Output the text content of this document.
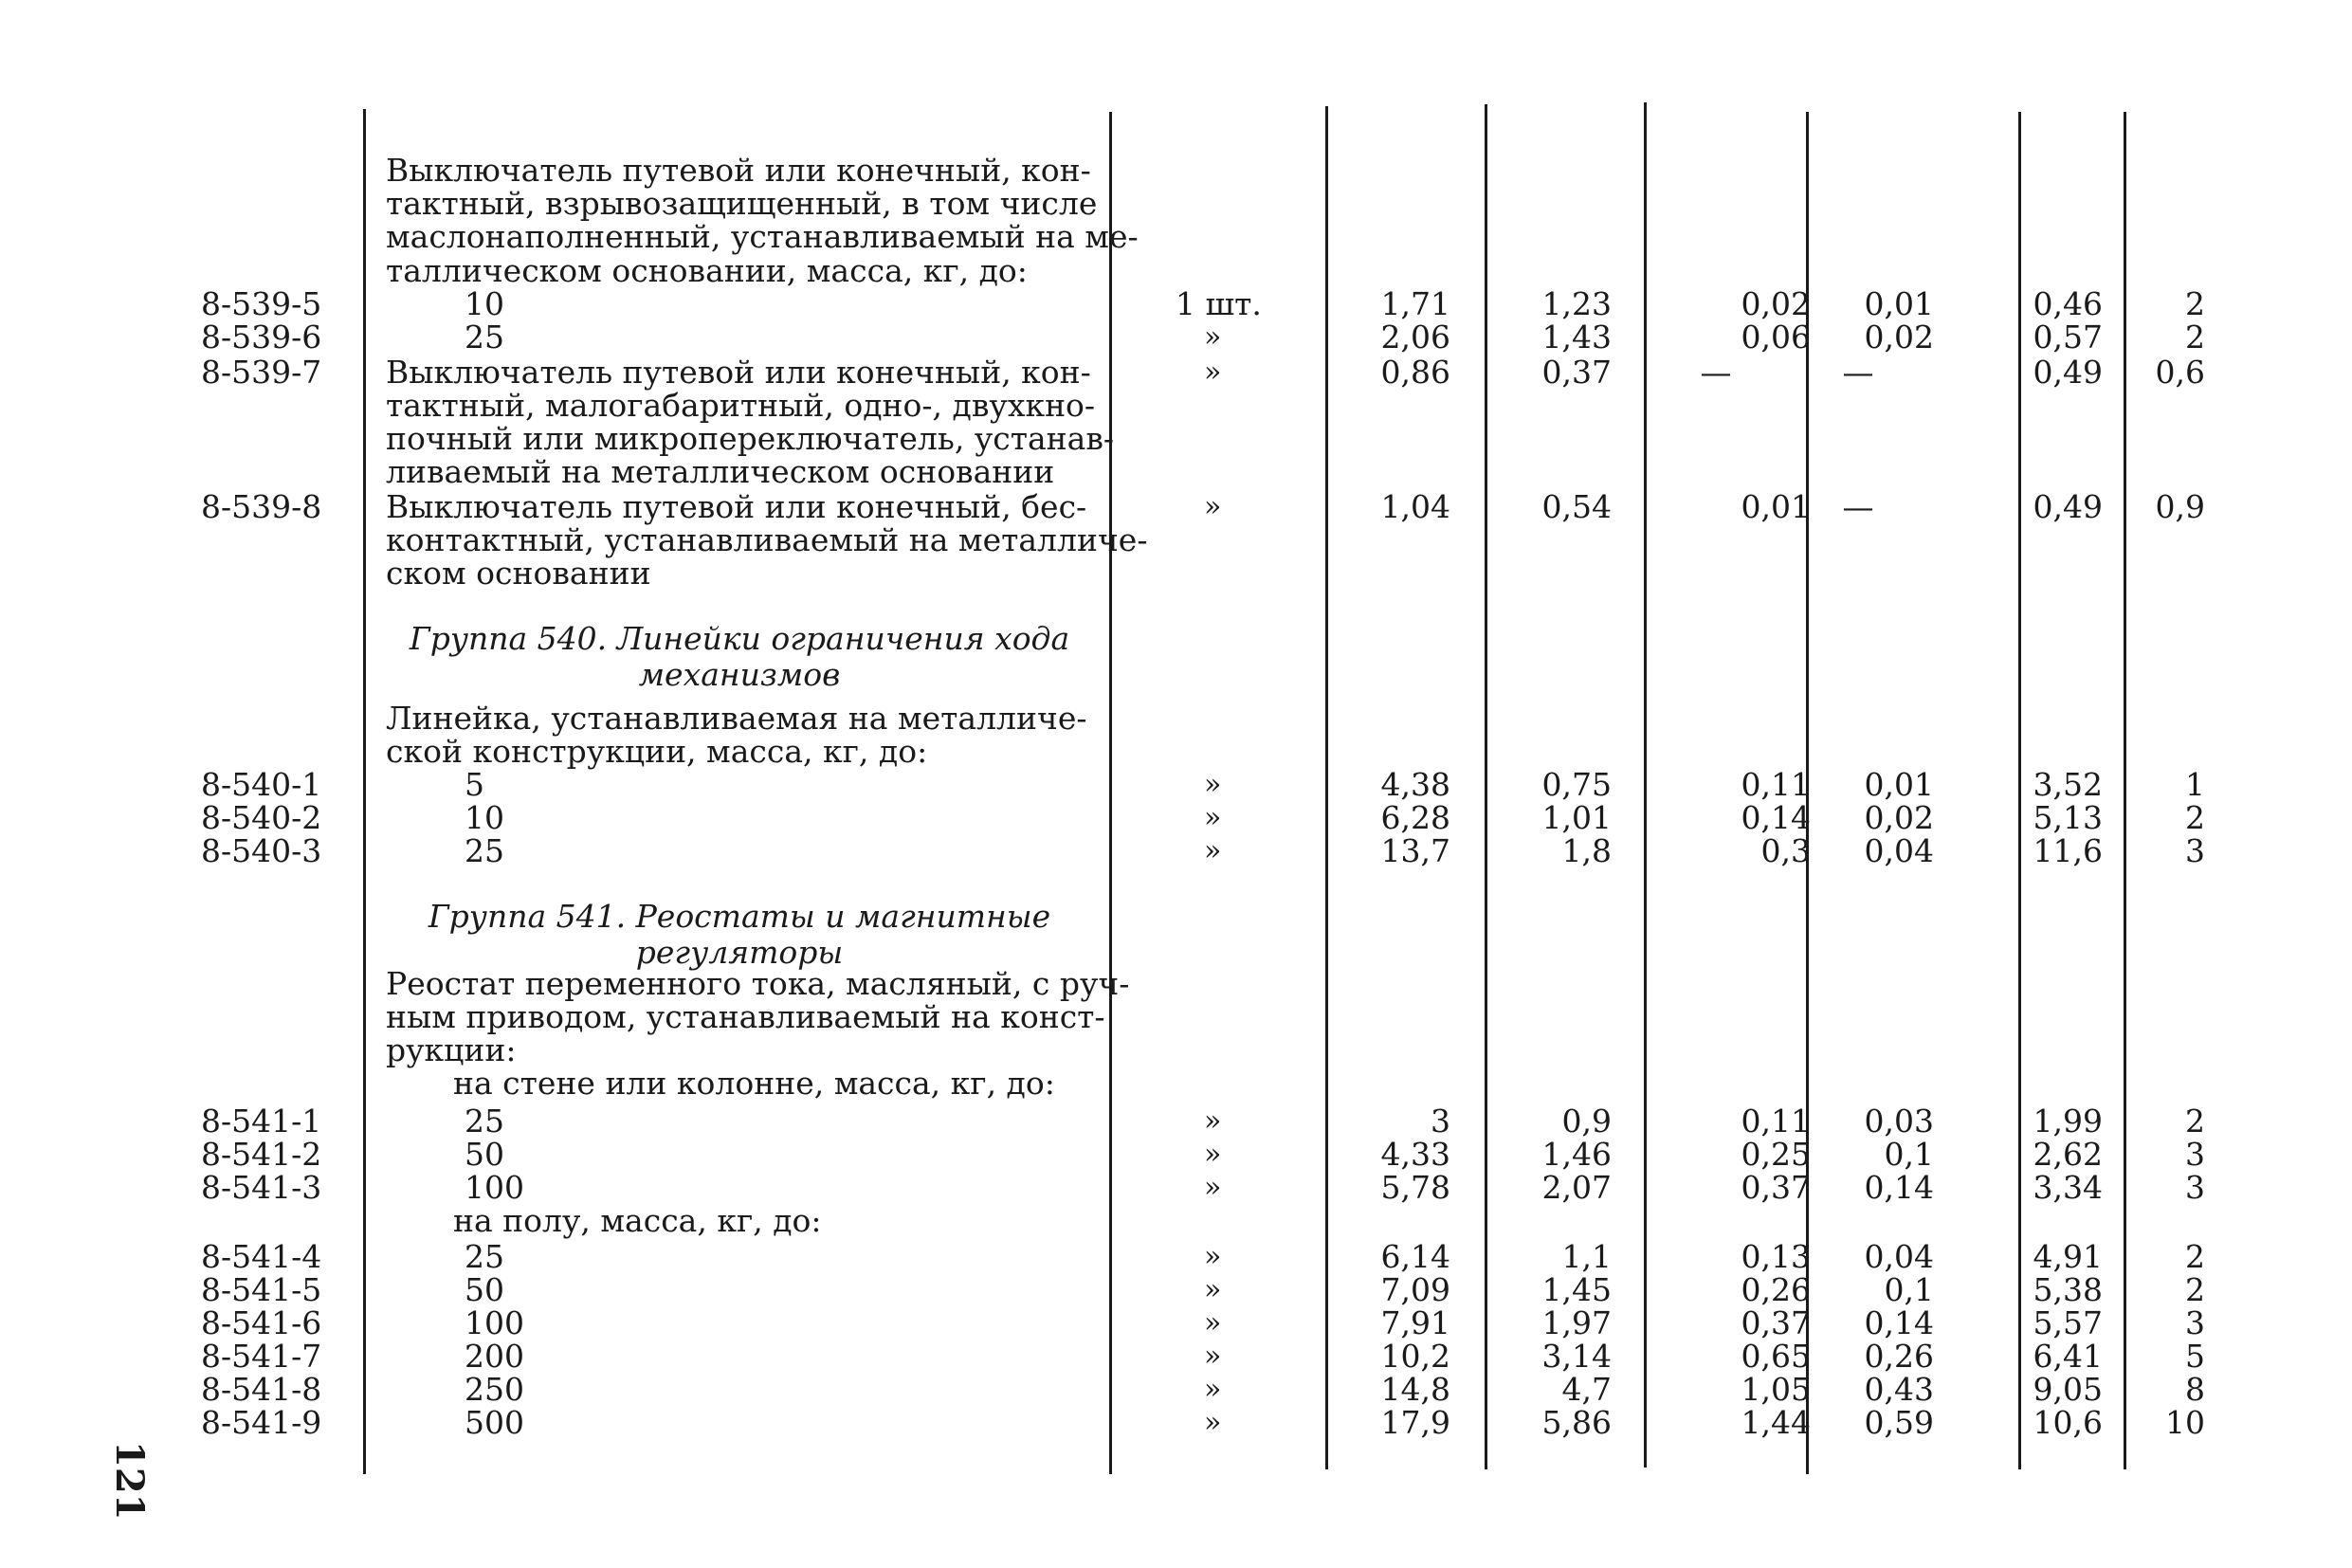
Выключатель путевой или конечный, кон-
тактный, взрывозащищенный, в том числе
маслонаполненный, устанавливаемый на ме-
таллическом основании, масса, кг, до:
8-539-5	10	1 шт.	1,71	1,23	0,02	0,01	0,46	2
8-539-6	25	»	2,06	1,43	0,06	0,02	0,57	2
8-539-7 Выключатель путевой или конечный, кон-	»	0,86	0,37	—	—	0,49	0,6
тактный, малогабаритный, одно-, двухкно-
почный или микропереключатель, устанав-
ливаемый на металлическом основании
8-539-8 Выключатель путевой или конечный, бес-	»	1,04	0,54	0,01	—	0,49	0,9
контактный, устанавливаемый на металличе-
ском основании
Линейка, устанавливаемая на металличе-
ской конструкции, масса, кг, до:
8-540-1	5	»	4,38	0,75	0,11	0,01	3,52	1
8-540-2	10	»	6,28	1,01	0,14	0,02	5,13	2
8-540-3	25	»	13,7	1,8	0,3	0,04	11,6	3
Реостат переменного тока, масляный, с руч-
ным приводом, устанавливаемый на конст-
рукции:
на стене или колонне, масса, кг, до:
8-541-1	25	»	3	0,9	0,11	0,03	1,99	2
8-541-2	50	»	4,33	1,46	0,25	0,1	2,62	3
8-541-3	100	»	5,78	2,07	0,37	0,14	3,34	3
на полу, масса, кг, до:
8-541-4	25	»	6,14	1,1	0,13	0,04	4,91	2
8-541-5	50	»	7,09	1,45	0,26	0,1	5,38	2
8-541-6	100	»	7,91	1,97	0,37	0,14	5,57	3
8-541-7	200	»	10,2	3,14	0,65	0,26	6,41	5
8-541-8	250	»	14,8	4,7	1,05	0,43	9,05	8
8-541-9	500	»	17,9	5,86	1,44	0,59	10,6	10
Группа 540. Линейки ограничения хода
механизмов
Группа 541. Реостаты и магнитные
регуляторы
121
